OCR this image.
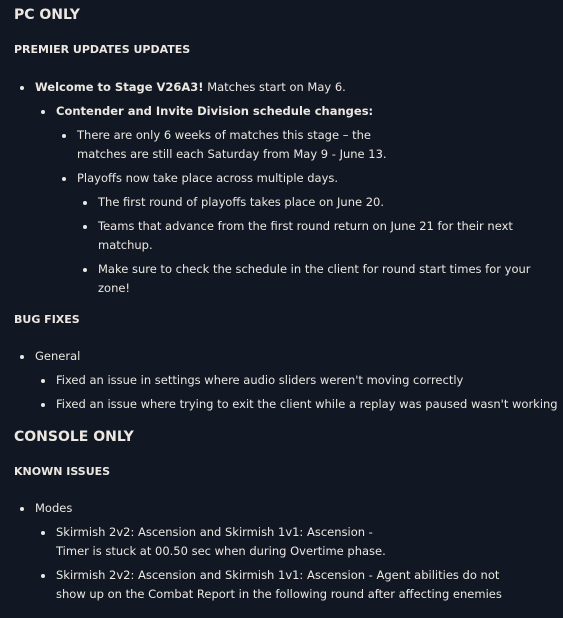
PC ONLY
PREMIER UPDATES UPDATES
Welcome to Stage V26A3! Matches start on May 6.
Contender and Invite Division schedule changes:
There are only 6 weeks of matches this stage – the
matches are still each Saturday from May 9 - June 13.
Playoffs now take place across multiple days.
The first round of playoffs takes place on June 20.
Teams that advance from the first round return on June 21 for their next matchup.
Make sure to check the schedule in the client for round start times for your zone!
BUG FIXES
General
Fixed an issue in settings where audio sliders weren't moving correctly
Fixed an issue where trying to exit the client while a replay was paused wasn't working
CONSOLE ONLY
KNOWN ISSUES
Modes
Skirmish 2v2: Ascension and Skirmish 1v1: Ascension -
Timer is stuck at 00.50 sec when during Overtime phase.
Skirmish 2v2: Ascension and Skirmish 1v1: Ascension - Agent abilities do not
show up on the Combat Report in the following round after affecting enemies
